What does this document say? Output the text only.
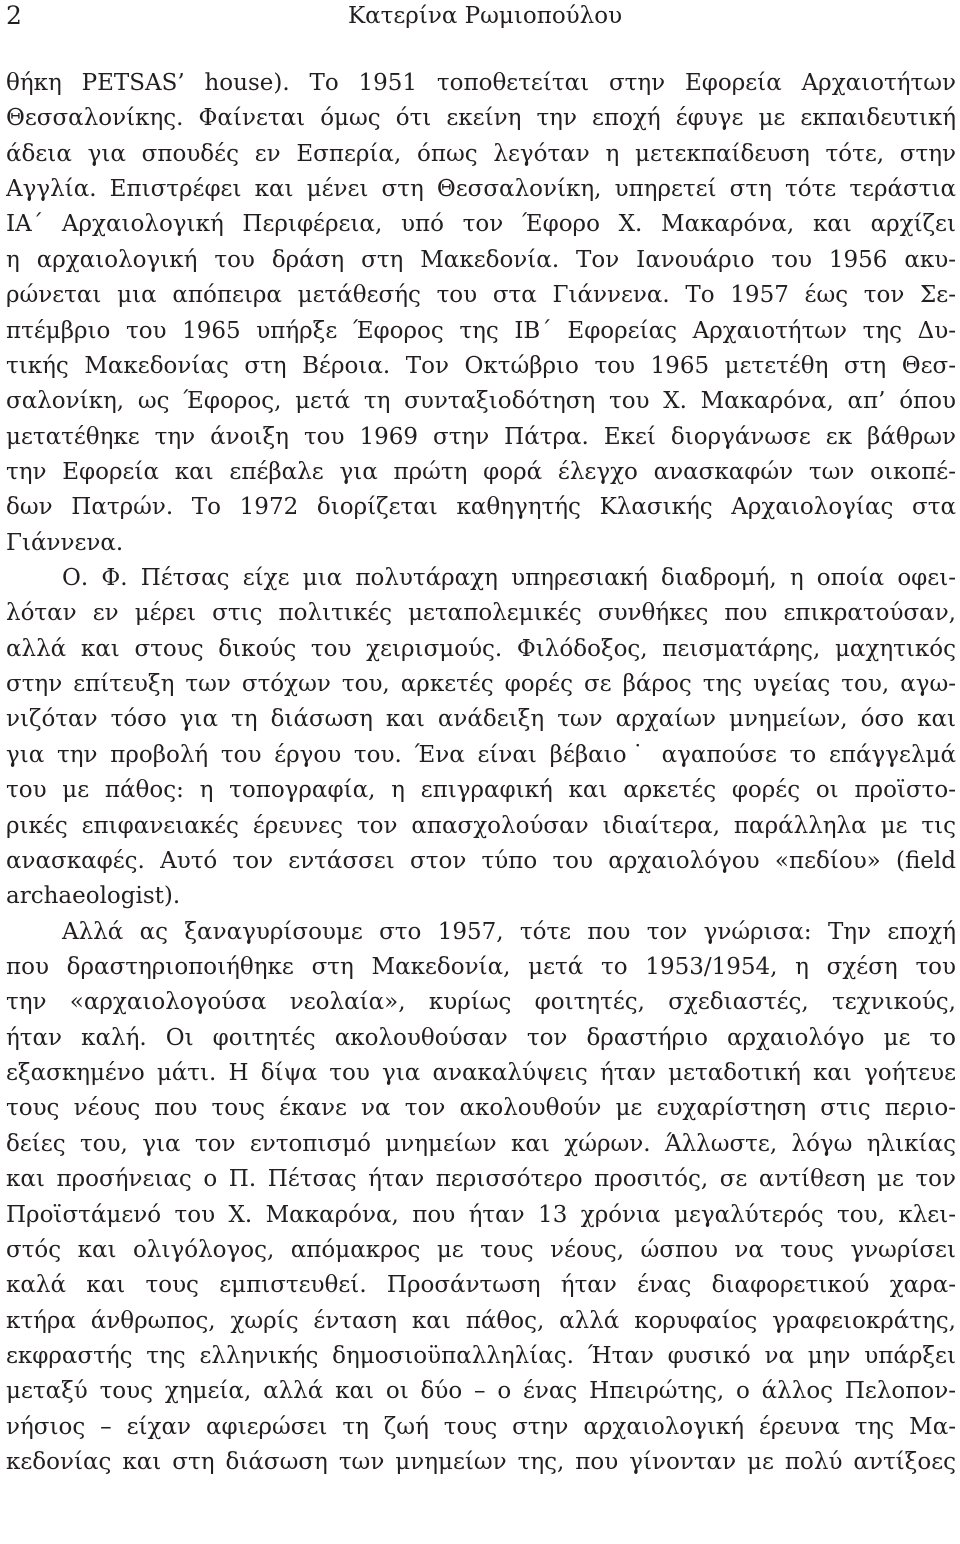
2	Κατερίνα Ρωμιοπούλου
θήκη PETSAS’ house). Το 1951 τοποθετείται στην Εφορεία Αρχαιοτήτων
Θεσσαλονίκης. Φαίνεται όμως ότι εκείνη την εποχή έφυγε με εκπαιδευτική
άδεια για σπουδές εν Εσπερία, όπως λεγόταν η μετεκπαίδευση τότε, στην
Αγγλία. Επιστρέφει και μένει στη Θεσσαλονίκη, υπηρετεί στη τότε τεράστια
ΙΑ΄ Αρχαιολογική Περιφέρεια, υπό τον Έφορο Χ. Μακαρόνα, και αρχίζει
η αρχαιολογική του δράση στη Μακεδονία. Τον Ιανουάριο του 1956 ακυ-
ρώνεται μια απόπειρα μετάθεσής του στα Γιάννενα. Το 1957 έως τον Σε-
πτέμβριο του 1965 υπήρξε Έφορος της ΙΒ΄ Εφορείας Αρχαιοτήτων της Δυ-
τικής Μακεδονίας στη Βέροια. Τον Οκτώβριο του 1965 μετετέθη στη Θεσ-
σαλονίκη, ως Έφορος, μετά τη συνταξιοδότηση του Χ. Μακαρόνα, απ’ όπου
μετατέθηκε την άνοιξη του 1969 στην Πάτρα. Εκεί διοργάνωσε εκ βάθρων
την Εφορεία και επέβαλε για πρώτη φορά έλεγχο ανασκαφών των οικοπέ-
δων Πατρών. Το 1972 διορίζεται καθηγητής Κλασικής Αρχαιολογίας στα
Γιάννενα.
Ο. Φ. Πέτσας είχε μια πολυτάραχη υπηρεσιακή διαδρομή, η οποία οφει-
λόταν εν μέρει στις πολιτικές μεταπολεμικές συνθήκες που επικρατούσαν,
αλλά και στους δικούς του χειρισμούς. Φιλόδοξος, πεισματάρης, μαχητικός
στην επίτευξη των στόχων του, αρκετές φορές σε βάρος της υγείας του, αγω-
νιζόταν τόσο για τη διάσωση και ανάδειξη των αρχαίων μνημείων, όσο και
για την προβολή του έργου του. Ένα είναι βέβαιο˙ αγαπούσε το επάγγελμά
του με πάθος: η τοπογραφία, η επιγραφική και αρκετές φορές οι προϊστο-
ρικές επιφανειακές έρευνες τον απασχολούσαν ιδιαίτερα, παράλληλα με τις
ανασκαφές. Αυτό τον εντάσσει στον τύπο του αρχαιολόγου «πεδίου» (field
archaeologist).
Αλλά ας ξαναγυρίσουμε στο 1957, τότε που τον γνώρισα: Την εποχή
που δραστηριοποιήθηκε στη Μακεδονία, μετά το 1953/1954, η σχέση του
την «αρχαιολογούσα νεολαία», κυρίως φοιτητές, σχεδιαστές, τεχνικούς,
ήταν καλή. Οι φοιτητές ακολουθούσαν τον δραστήριο αρχαιολόγο με το
εξασκημένο μάτι. Η δίψα του για ανακαλύψεις ήταν μεταδοτική και γοήτευε
τους νέους που τους έκανε να τον ακολουθούν με ευχαρίστηση στις περιο-
δείες του, για τον εντοπισμό μνημείων και χώρων. Άλλωστε, λόγω ηλικίας
και προσήνειας ο Π. Πέτσας ήταν περισσότερο προσιτός, σε αντίθεση με τον
Προϊστάμενό του Χ. Μακαρόνα, που ήταν 13 χρόνια μεγαλύτερός του, κλει-
στός και ολιγόλογος, απόμακρος με τους νέους, ώσπου να τους γνωρίσει
καλά και τους εμπιστευθεί. Προσάντωση ήταν ένας διαφορετικού χαρα-
κτήρα άνθρωπος, χωρίς ένταση και πάθος, αλλά κορυφαίος γραφειοκράτης,
εκφραστής της ελληνικής δημοσιοϋπαλληλίας. Ήταν φυσικό να μην υπάρξει
μεταξύ τους χημεία, αλλά και οι δύο – ο ένας Ηπειρώτης, ο άλλος Πελοπον-
νήσιος – είχαν αφιερώσει τη ζωή τους στην αρχαιολογική έρευνα της Μα-
κεδονίας και στη διάσωση των μνημείων της, που γίνονταν με πολύ αντίξοες
